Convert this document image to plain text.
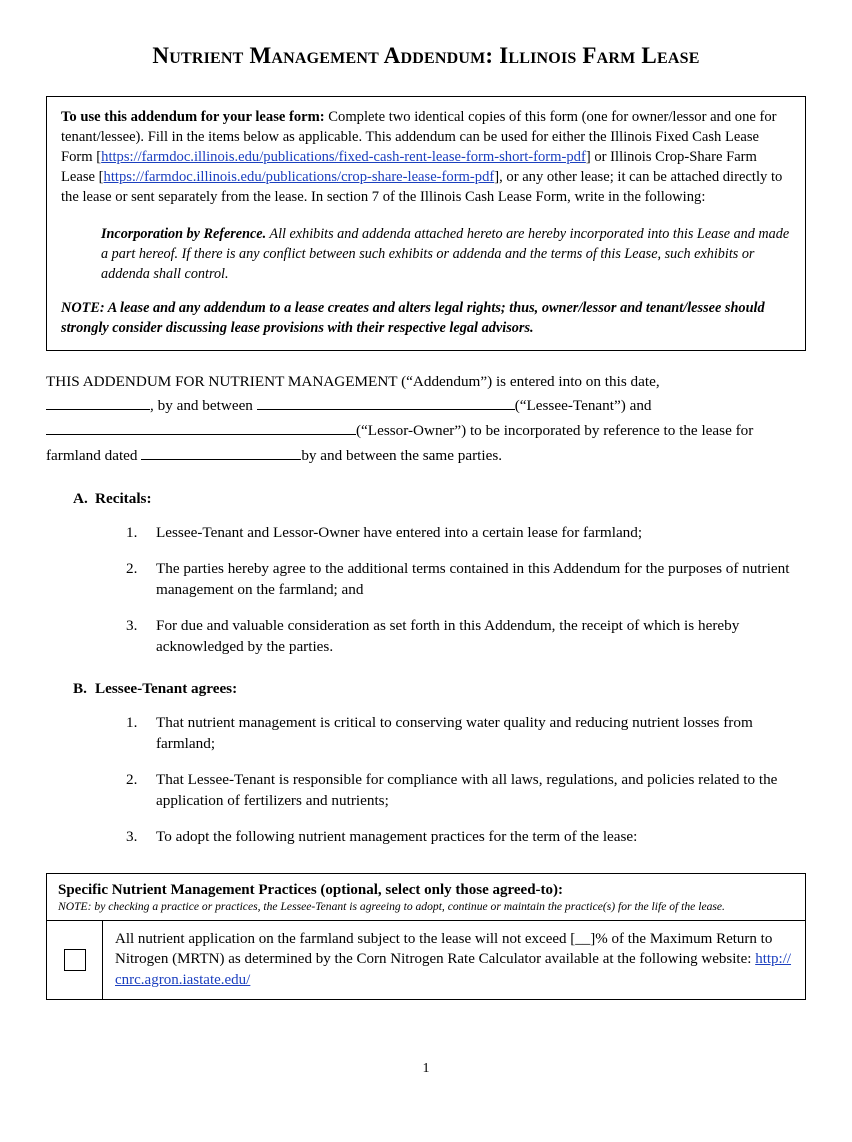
Nutrient Management Addendum: Illinois Farm Lease
To use this addendum for your lease form: Complete two identical copies of this form (one for owner/lessor and one for tenant/lessee). Fill in the items below as applicable. This addendum can be used for either the Illinois Fixed Cash Lease Form [https://farmdoc.illinois.edu/publications/fixed-cash-rent-lease-form-short-form-pdf] or Illinois Crop-Share Farm Lease [https://farmdoc.illinois.edu/publications/crop-share-lease-form-pdf], or any other lease; it can be attached directly to the lease or sent separately from the lease. In section 7 of the Illinois Cash Lease Form, write in the following:
Incorporation by Reference. All exhibits and addenda attached hereto are hereby incorporated into this Lease and made a part hereof. If there is any conflict between such exhibits or addenda and the terms of this Lease, such exhibits or addenda shall control.
NOTE: A lease and any addendum to a lease creates and alters legal rights; thus, owner/lessor and tenant/lessee should strongly consider discussing lease provisions with their respective legal advisors.
THIS ADDENDUM FOR NUTRIENT MANAGEMENT (“Addendum”) is entered into on this date,
, by and between	(“Lessee-Tenant”) and
(“Lessor-Owner”) to be incorporated by reference to the lease for
farmland dated	by and between the same parties.
A. Recitals:
1.	Lessee-Tenant and Lessor-Owner have entered into a certain lease for farmland;
2.	The parties hereby agree to the additional terms contained in this Addendum for the purposes of nutrient management on the farmland; and
3.	For due and valuable consideration as set forth in this Addendum, the receipt of which is hereby acknowledged by the parties.
B. Lessee-Tenant agrees:
1.	That nutrient management is critical to conserving water quality and reducing nutrient losses from farmland;
2.	That Lessee-Tenant is responsible for compliance with all laws, regulations, and policies related to the application of fertilizers and nutrients;
3.	To adopt the following nutrient management practices for the term of the lease:
Specific Nutrient Management Practices (optional, select only those agreed-to):
NOTE: by checking a practice or practices, the Lessee-Tenant is agreeing to adopt, continue or maintain the practice(s) for the life of the lease.
All nutrient application on the farmland subject to the lease will not exceed [__]% of the Maximum Return to Nitrogen (MRTN) as determined by the Corn Nitrogen Rate Calculator available at the following website: http://cnrc.agron.iastate.edu/
1
